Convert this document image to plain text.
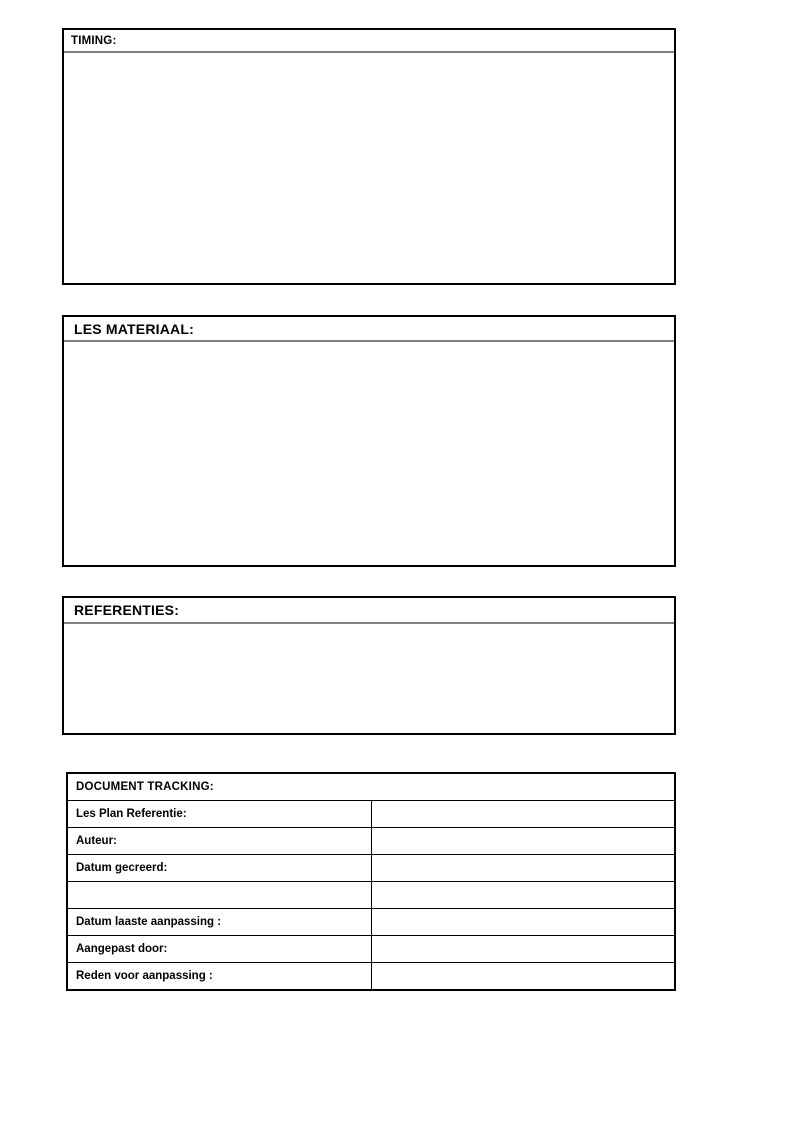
TIMING:
LES MATERIAAL:
REFERENTIES:
DOCUMENT TRACKING:	
Les Plan Referentie:	
Auteur:	
Datum gecreerd:	

Datum laaste aanpassing :	
Aangepast door:	
Reden voor aanpassing :	
